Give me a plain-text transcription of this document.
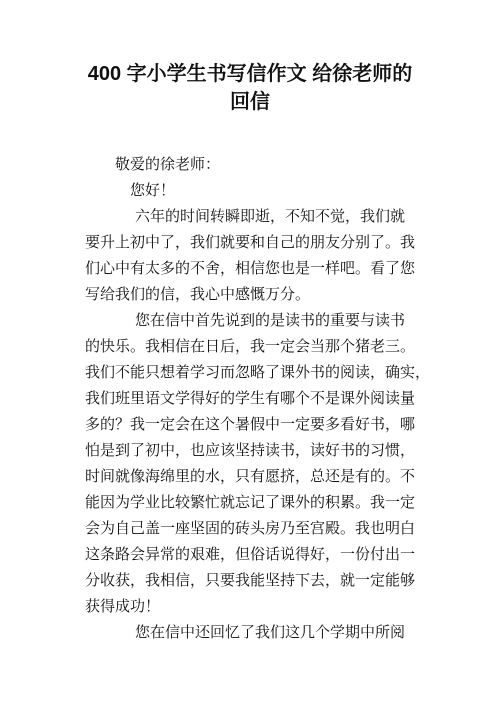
400 字小学生书写信作文 给徐老师的
回信
敬爱的徐老师：
您好！
六年的时间转瞬即逝，不知不觉，我们就
要升上初中了，我们就要和自己的朋友分别了。我
们心中有太多的不舍，相信您也是一样吧。看了您
写给我们的信，我心中感慨万分。
您在信中首先说到的是读书的重要与读书
的快乐。我相信在日后，我一定会当那个猪老三。
我们不能只想着学习而忽略了课外书的阅读，确实，
我们班里语文学得好的学生有哪个不是课外阅读量
多的？我一定会在这个暑假中一定要多看好书，哪
怕是到了初中，也应该坚持读书，读好书的习惯，
时间就像海绵里的水，只有愿挤，总还是有的。不
能因为学业比较繁忙就忘记了课外的积累。我一定
会为自己盖一座坚固的砖头房乃至宫殿。我也明白
这条路会异常的艰难，但俗话说得好，一份付出一
分收获，我相信，只要我能坚持下去，就一定能够
获得成功！
您在信中还回忆了我们这几个学期中所阅
